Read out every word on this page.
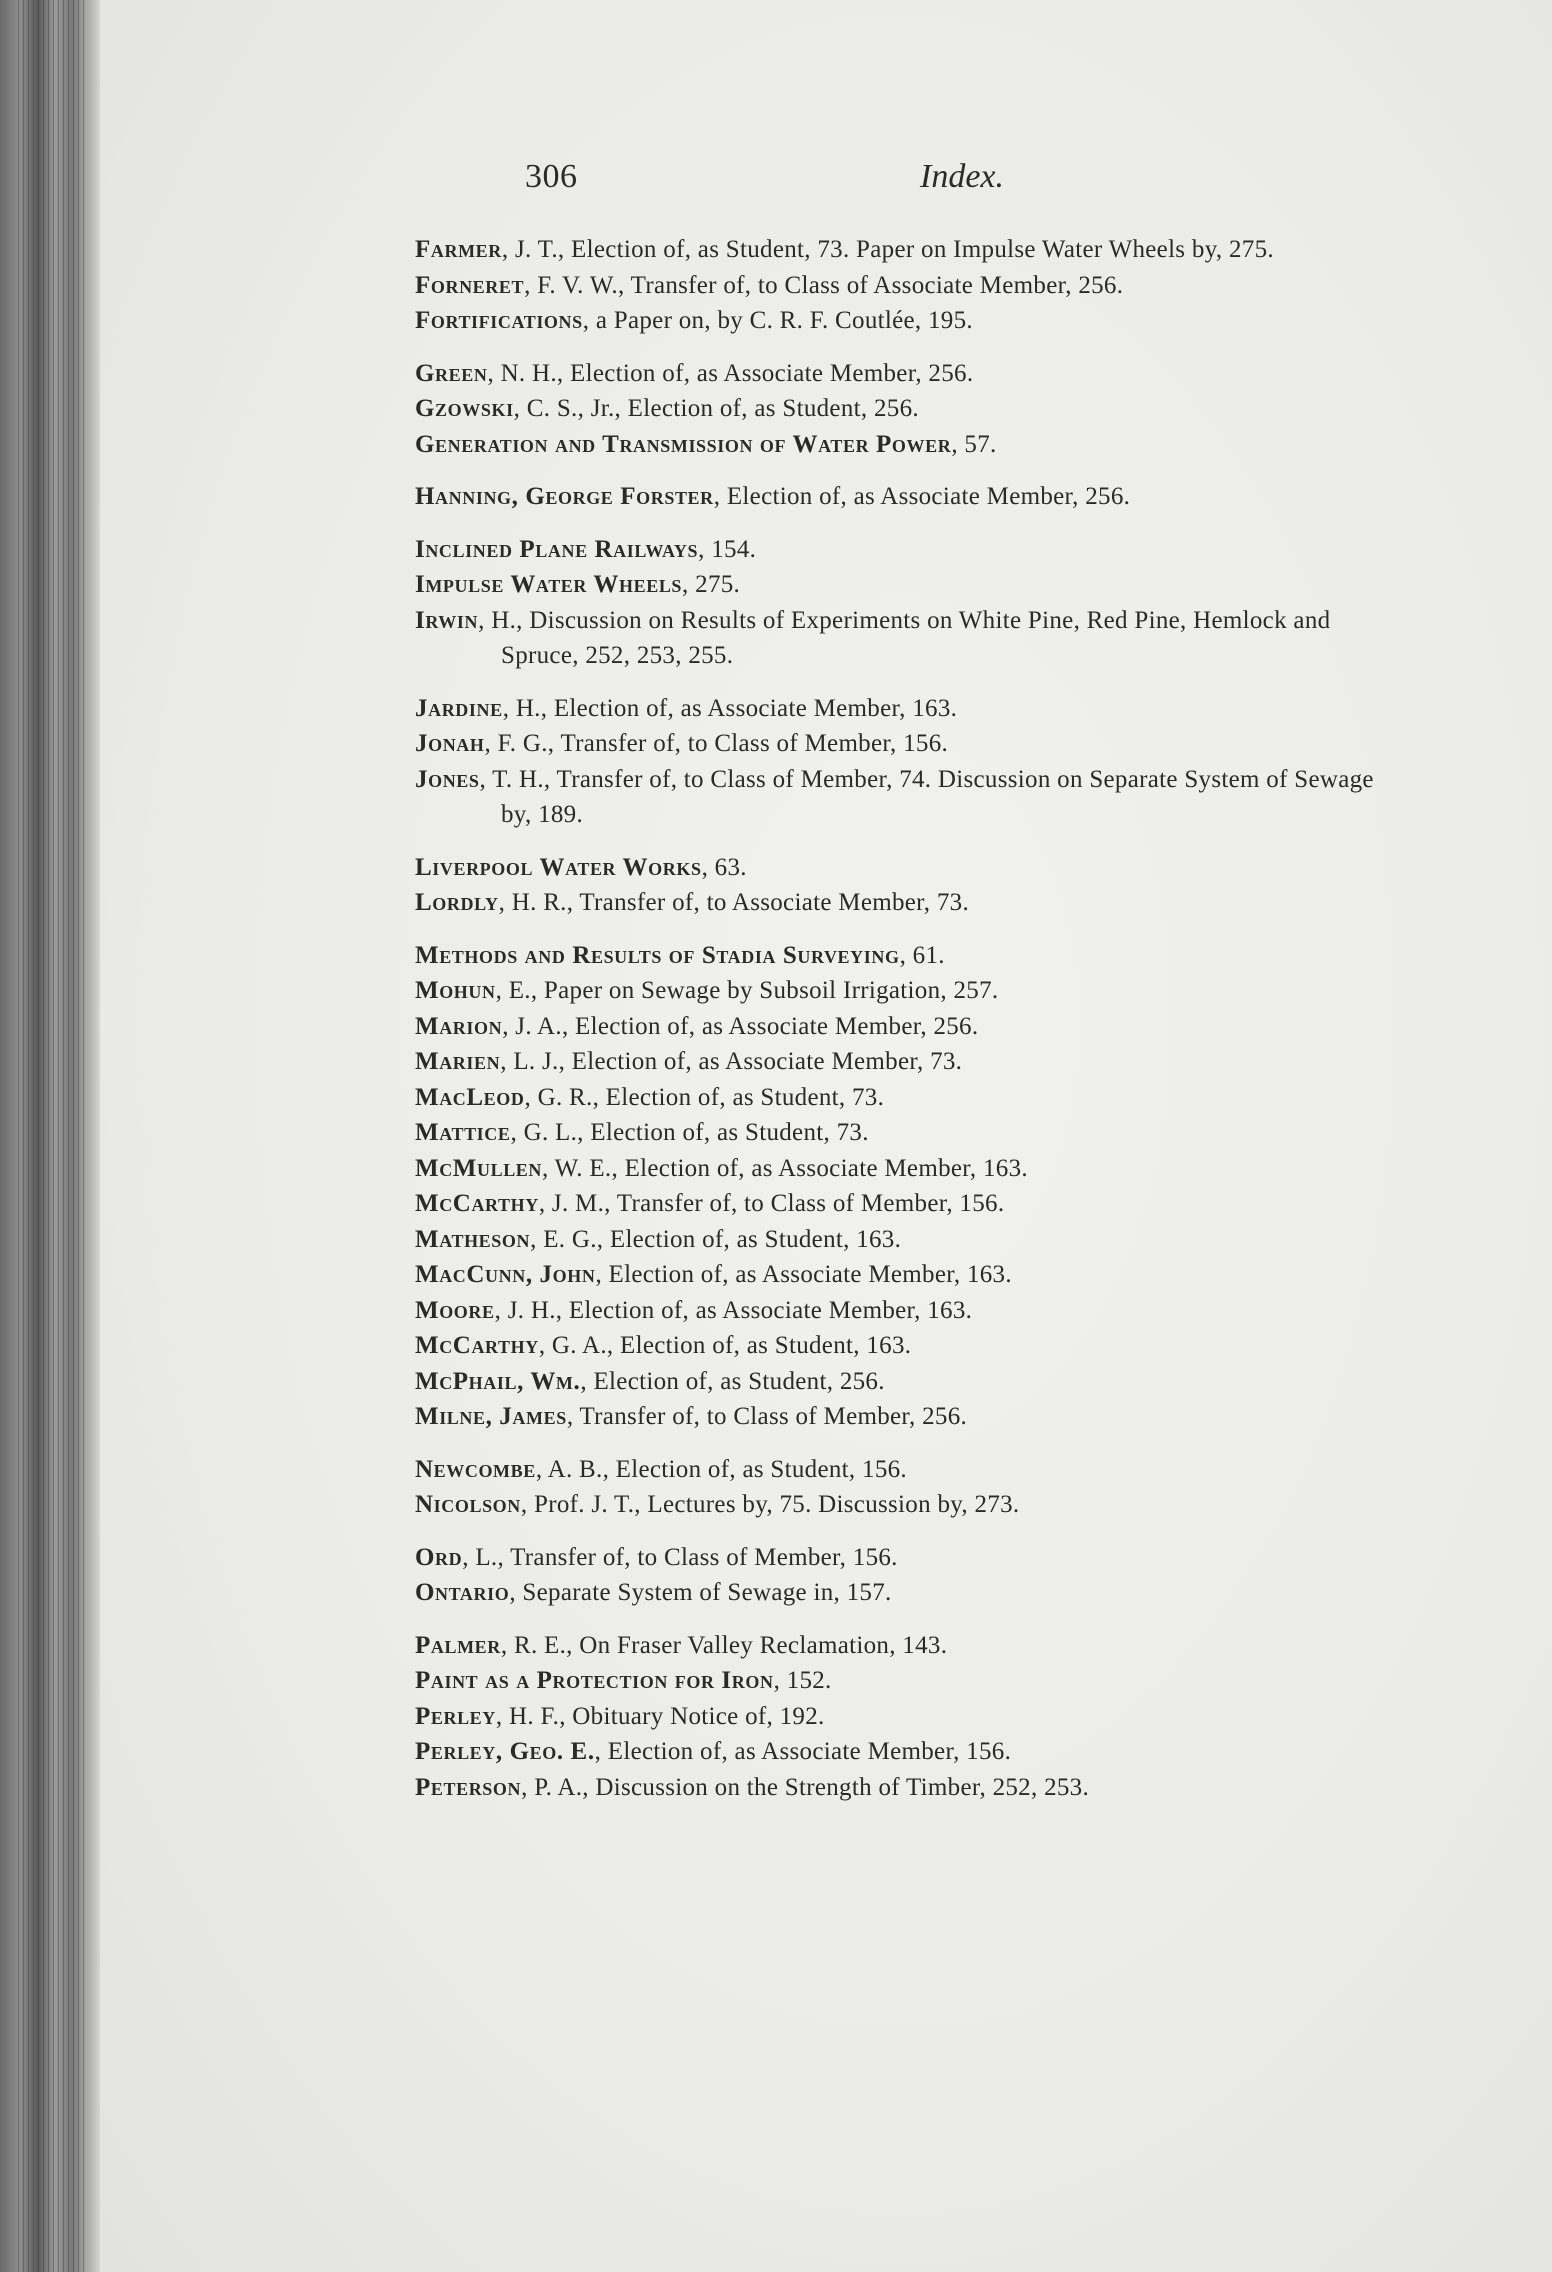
306	Index.
Farmer, J. T., Election of, as Student, 73. Paper on Impulse Water Wheels by, 275.
Forneret, F. V. W., Transfer of, to Class of Associate Member, 256.
Fortifications, a Paper on, by C. R. F. Coutlée, 195.
Green, N. H., Election of, as Associate Member, 256.
Gzowski, C. S., Jr., Election of, as Student, 256.
Generation and Transmission of Water Power, 57.
Hanning, George Forster, Election of, as Associate Member, 256.
Inclined Plane Railways, 154.
Impulse Water Wheels, 275.
Irwin, H., Discussion on Results of Experiments on White Pine, Red Pine, Hemlock and Spruce, 252, 253, 255.
Jardine, H., Election of, as Associate Member, 163.
Jonah, F. G., Transfer of, to Class of Member, 156.
Jones, T. H., Transfer of, to Class of Member, 74. Discussion on Separate System of Sewage by, 189.
Liverpool Water Works, 63.
Lordly, H. R., Transfer of, to Associate Member, 73.
Methods and Results of Stadia Surveying, 61.
Mohun, E., Paper on Sewage by Subsoil Irrigation, 257.
Marion, J. A., Election of, as Associate Member, 256.
Marien, L. J., Election of, as Associate Member, 73.
MacLeod, G. R., Election of, as Student, 73.
Mattice, G. L., Election of, as Student, 73.
McMullen, W. E., Election of, as Associate Member, 163.
McCarthy, J. M., Transfer of, to Class of Member, 156.
Matheson, E. G., Election of, as Student, 163.
MacCunn, John, Election of, as Associate Member, 163.
Moore, J. H., Election of, as Associate Member, 163.
McCarthy, G. A., Election of, as Student, 163.
McPhail, Wm., Election of, as Student, 256.
Milne, James, Transfer of, to Class of Member, 256.
Newcombe, A. B., Election of, as Student, 156.
Nicolson, Prof. J. T., Lectures by, 75. Discussion by, 273.
Ord, L., Transfer of, to Class of Member, 156.
Ontario, Separate System of Sewage in, 157.
Palmer, R. E., On Fraser Valley Reclamation, 143.
Paint as a Protection for Iron, 152.
Perley, H. F., Obituary Notice of, 192.
Perley, Geo. E., Election of, as Associate Member, 156.
Peterson, P. A., Discussion on the Strength of Timber, 252, 253.
